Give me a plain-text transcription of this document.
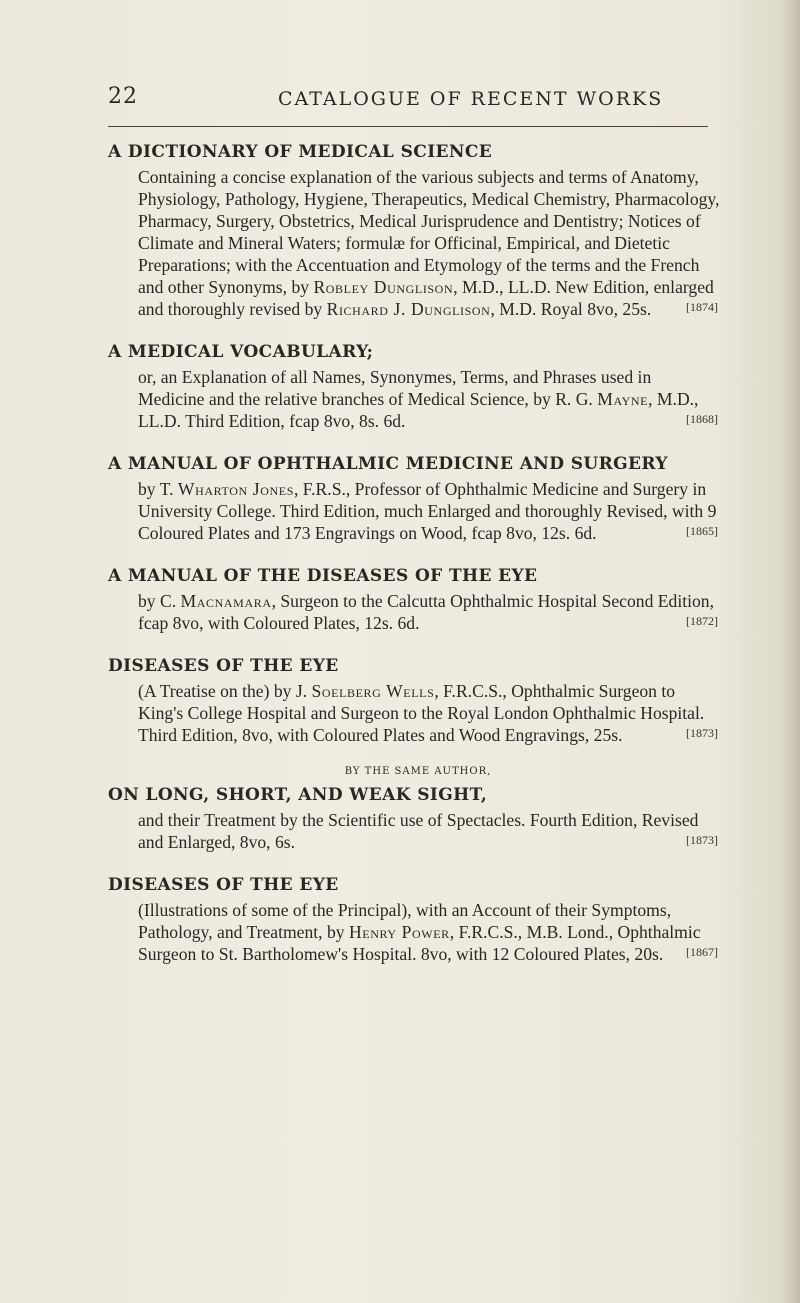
22	CATALOGUE OF RECENT WORKS
A DICTIONARY OF MEDICAL SCIENCE
Containing a concise explanation of the various subjects and terms of Anatomy, Physiology, Pathology, Hygiene, Therapeutics, Medical Chemistry, Pharmacology, Pharmacy, Surgery, Obstetrics, Medical Jurisprudence and Dentistry; Notices of Climate and Mineral Waters; formulæ for Officinal, Empirical, and Dietetic Preparations; with the Accentuation and Etymology of the terms and the French and other Synonyms, by Robley Dunglison, M.D., LL.D. New Edition, enlarged and thoroughly revised by Richard J. Dunglison, M.D. Royal 8vo, 25s.	[1874]
A MEDICAL VOCABULARY;
or, an Explanation of all Names, Synonymes, Terms, and Phrases used in Medicine and the relative branches of Medical Science, by R. G. Mayne, M.D., LL.D. Third Edition, fcap 8vo, 8s. 6d.	[1868]
A MANUAL OF OPHTHALMIC MEDICINE AND SURGERY
by T. Wharton Jones, F.R.S., Professor of Ophthalmic Medicine and Surgery in University College. Third Edition, much Enlarged and thoroughly Revised, with 9 Coloured Plates and 173 Engravings on Wood, fcap 8vo, 12s. 6d.	[1865]
A MANUAL OF THE DISEASES OF THE EYE
by C. Macnamara, Surgeon to the Calcutta Ophthalmic Hospital Second Edition, fcap 8vo, with Coloured Plates, 12s. 6d.	[1872]
DISEASES OF THE EYE
(A Treatise on the) by J. Soelberg Wells, F.R.C.S., Ophthalmic Surgeon to King's College Hospital and Surgeon to the Royal London Ophthalmic Hospital. Third Edition, 8vo, with Coloured Plates and Wood Engravings, 25s.	[1873]
BY THE SAME AUTHOR,
ON LONG, SHORT, AND WEAK SIGHT,
and their Treatment by the Scientific use of Spectacles. Fourth Edition, Revised and Enlarged, 8vo, 6s.	[1873]
DISEASES OF THE EYE
(Illustrations of some of the Principal), with an Account of their Symptoms, Pathology, and Treatment, by Henry Power, F.R.C.S., M.B. Lond., Ophthalmic Surgeon to St. Bartholomew's Hospital. 8vo, with 12 Coloured Plates, 20s. [1867]
